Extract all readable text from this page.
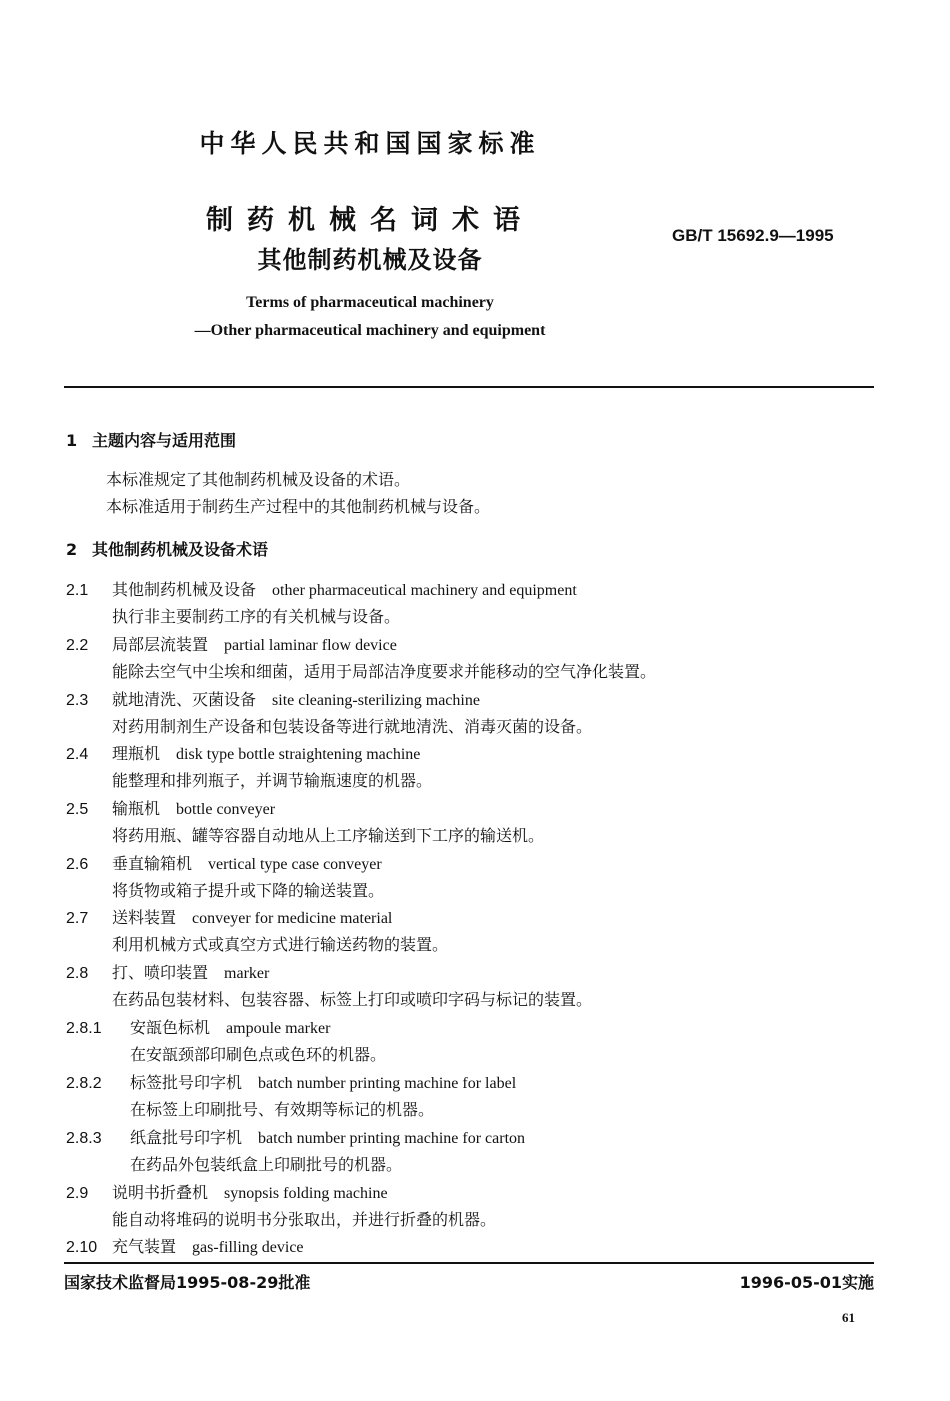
中华人民共和国国家标准
制药机械名词术语
其他制药机械及设备
GB/T 15692.9—1995
Terms of pharmaceutical machinery
—Other pharmaceutical machinery and equipment
1 主题内容与适用范围
本标准规定了其他制药机械及设备的术语。
本标准适用于制药生产过程中的其他制药机械与设备。
2 其他制药机械及设备术语
2.1 其他制药机械及设备 other pharmaceutical machinery and equipment
执行非主要制药工序的有关机械与设备。
2.2 局部层流装置 partial laminar flow device
能除去空气中尘埃和细菌，适用于局部洁净度要求并能移动的空气净化装置。
2.3 就地清洗、灭菌设备 site cleaning-sterilizing machine
对药用制剂生产设备和包装设备等进行就地清洗、消毒灭菌的设备。
2.4 理瓶机 disk type bottle straightening machine
能整理和排列瓶子，并调节输瓶速度的机器。
2.5 输瓶机 bottle conveyer
将药用瓶、罐等容器自动地从上工序输送到下工序的输送机。
2.6 垂直输箱机 vertical type case conveyer
将货物或箱子提升或下降的输送装置。
2.7 送料装置 conveyer for medicine material
利用机械方式或真空方式进行输送药物的装置。
2.8 打、喷印装置 marker
在药品包装材料、包装容器、标签上打印或喷印字码与标记的装置。
2.8.1 安瓿色标机 ampoule marker
在安瓿颈部印刷色点或色环的机器。
2.8.2 标签批号印字机 batch number printing machine for label
在标签上印刷批号、有效期等标记的机器。
2.8.3 纸盒批号印字机 batch number printing machine for carton
在药品外包装纸盒上印刷批号的机器。
2.9 说明书折叠机 synopsis folding machine
能自动将堆码的说明书分张取出，并进行折叠的机器。
2.10 充气装置 gas-filling device
国家技术监督局1995-08-29批准	1996-05-01实施
61
